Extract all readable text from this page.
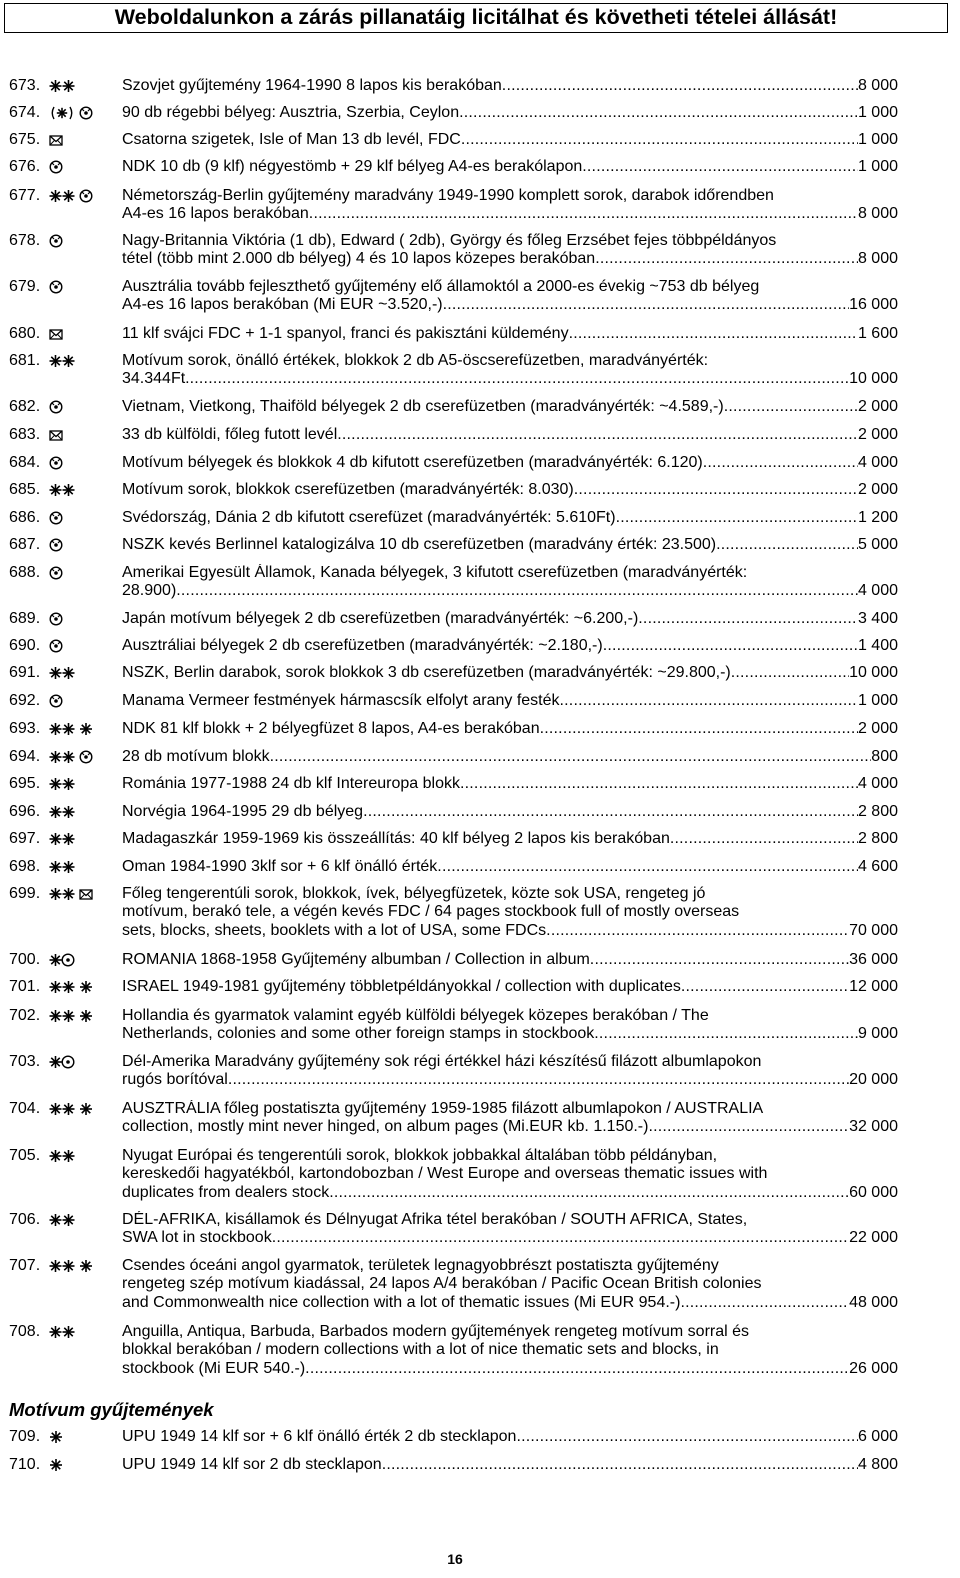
Weboldalunkon a zárás pillanatáig licitálhat és követheti tételei állását!
673.	Szovjet gyűjtemény 1964-1990 8 lapos kis berakóban .....	8 000
674.	90 db régebbi bélyeg: Ausztria, Szerbia, Ceylon .....	1 000
675.	Csatorna szigetek, Isle of Man 13 db levél, FDC .....	1 000
676.	NDK 10 db (9 klf) négyestömb + 29 klf bélyeg A4-es berakólapon .....	1 000
677.	Németország-Berlin gyűjtemény maradvány 1949-1990 komplett sorok, darabok időrendben
A4-es 16 lapos berakóban .....	8 000
678.	Nagy-Britannia Viktória (1 db), Edward ( 2db), György és főleg Erzsébet fejes többpéldányos
tétel (több mint 2.000 db bélyeg) 4 és 10 lapos közepes berakóban .....	8 000
679.	Ausztrália tovább fejleszthető gyűjtemény elő államoktól a 2000-es évekig ~753 db bélyeg
A4-es 16 lapos berakóban (Mi EUR ~3.520,-) .....	16 000
680.	11 klf svájci FDC + 1-1 spanyol, franci és pakisztáni küldemény .....	1 600
681.	Motívum sorok, önálló értékek, blokkok 2 db A5-öscserefüzetben, maradványérték:
34.344Ft. .....	10 000
682.	Vietnam, Vietkong, Thaiföld bélyegek 2 db cserefüzetben (maradványérték: ~4.589,-) .....	2 000
683.	33 db külföldi, főleg futott levél .....	2 000
684.	Motívum bélyegek és blokkok 4 db kifutott cserefüzetben (maradványérték: 6.120) .....	4 000
685.	Motívum sorok, blokkok cserefüzetben (maradványérték: 8.030) .....	2 000
686.	Svédország, Dánia 2 db kifutott cserefüzet (maradványérték: 5.610Ft) .....	1 200
687.	NSZK kevés Berlinnel katalogizálva 10 db cserefüzetben (maradvány érték: 23.500) .....	5 000
688.	Amerikai Egyesült Államok, Kanada bélyegek, 3 kifutott cserefüzetben (maradványérték:
28.900) .....	4 000
689.	Japán motívum bélyegek 2 db cserefüzetben (maradványérték: ~6.200,-) .....	3 400
690.	Ausztráliai bélyegek 2 db cserefüzetben (maradványérték: ~2.180,-) .....	1 400
691.	NSZK, Berlin darabok, sorok blokkok 3 db cserefüzetben (maradványérték: ~29.800,-) .....	10 000
692.	Manama Vermeer festmények hármascsík elfolyt arany festék .....	1 000
693.	NDK 81 klf blokk + 2 bélyegfüzet 8 lapos, A4-es berakóban .....	2 000
694.	28 db motívum blokk .....	800
695.	Románia 1977-1988 24 db klf Intereuropa blokk .....	4 000
696.	Norvégia 1964-1995 29 db bélyeg .....	2 800
697.	Madagaszkár 1959-1969 kis összeállítás: 40 klf bélyeg 2 lapos kis berakóban .....	2 800
698.	Oman 1984-1990 3klf sor + 6 klf önálló érték .....	4 600
699.	Főleg tengerentúli sorok, blokkok, ívek, bélyegfüzetek, közte sok USA, rengeteg jó
motívum, berakó tele, a végén kevés FDC / 64 pages stockbook full of mostly overseas
sets, blocks, sheets, booklets with a lot of USA, some FDCs .....	70 000
700.	ROMANIA 1868-1958 Gyűjtemény albumban / Collection in album .....	36 000
701.	ISRAEL 1949-1981 gyűjtemény többletpéldányokkal / collection with duplicates .....	12 000
702.	Hollandia és gyarmatok valamint egyéb külföldi bélyegek közepes berakóban / The
Netherlands, colonies and some other foreign stamps in stockbook .....	9 000
703.	Dél-Amerika Maradvány gyűjtemény sok régi értékkel házi készítésű filázott albumlapokon
rugós borítóval .....	20 000
704.	AUSZTRÁLIA főleg postatiszta gyűjtemény 1959-1985 filázott albumlapokon / AUSTRALIA
collection, mostly mint never hinged, on album pages (Mi.EUR kb. 1.150.-) .....	32 000
705.	Nyugat Európai és tengerentúli sorok, blokkok jobbakkal általában több példányban,
kereskedői hagyatékból, kartondobozban / West Europe and overseas thematic issues with
duplicates from dealers stock .....	60 000
706.	DÉL-AFRIKA, kisállamok és Délnyugat Afrika tétel berakóban / SOUTH AFRICA, States,
SWA lot in stockbook .....	22 000
707.	Csendes óceáni angol gyarmatok, területek legnagyobbrészt postatiszta gyűjtemény
rengeteg szép motívum kiadással, 24 lapos A/4 berakóban / Pacific Ocean British colonies
and Commonwealth nice collection with a lot of thematic issues (Mi EUR 954.-) .....	48 000
708.	Anguilla, Antiqua, Barbuda, Barbados modern gyűjtemények rengeteg motívum sorral és
blokkal berakóban / modern collections with a lot of nice thematic sets and blocks, in
stockbook (Mi EUR 540.-) .....	26 000
709.	UPU 1949 14 klf sor + 6 klf önálló érték 2 db stecklapon .....	6 000
710.	UPU 1949 14 klf sor 2 db stecklapon .....	4 800
Motívum gyűjtemények
16
